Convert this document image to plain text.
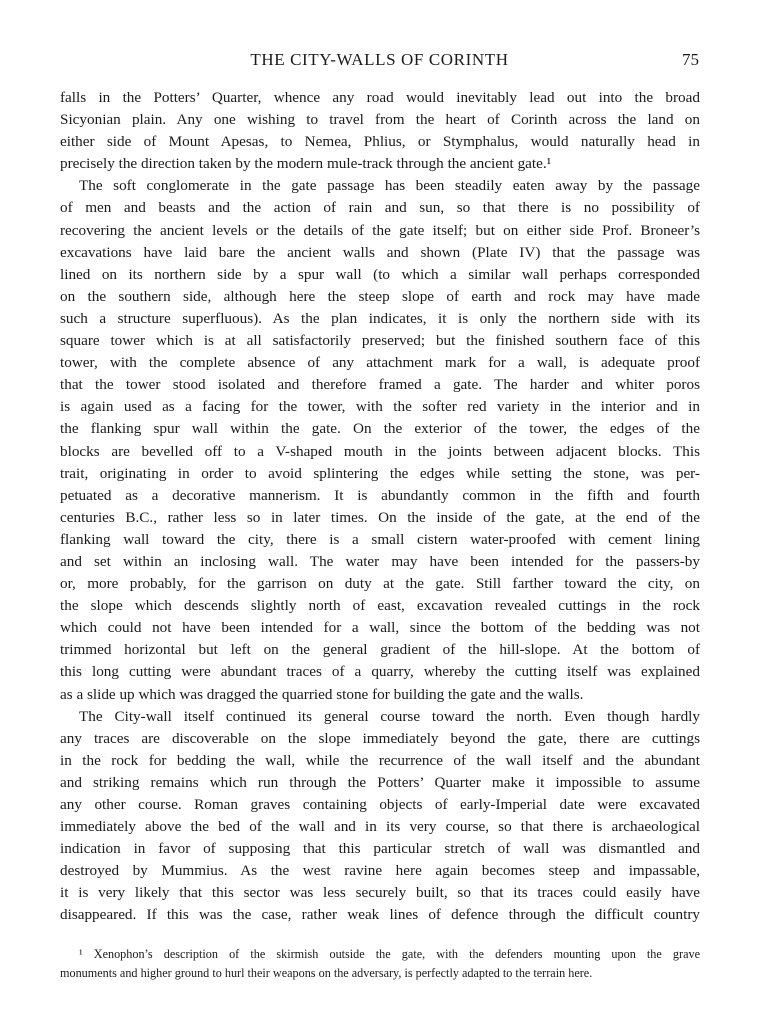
THE CITY-WALLS OF CORINTH	75
falls in the Potters’ Quarter, whence any road would inevitably lead out into the broad
Sicyonian plain. Any one wishing to travel from the heart of Corinth across the land on
either side of Mount Apesas, to Nemea, Phlius, or Stymphalus, would naturally head in
precisely the direction taken by the modern mule-track through the ancient gate.¹
The soft conglomerate in the gate passage has been steadily eaten away by the passage
of men and beasts and the action of rain and sun, so that there is no possibility of
recovering the ancient levels or the details of the gate itself; but on either side Prof. Broneer’s
excavations have laid bare the ancient walls and shown (Plate IV) that the passage was
lined on its northern side by a spur wall (to which a similar wall perhaps corresponded
on the southern side, although here the steep slope of earth and rock may have made
such a structure superfluous). As the plan indicates, it is only the northern side with its
square tower which is at all satisfactorily preserved; but the finished southern face of this
tower, with the complete absence of any attachment mark for a wall, is adequate proof
that the tower stood isolated and therefore framed a gate. The harder and whiter poros
is again used as a facing for the tower, with the softer red variety in the interior and in
the flanking spur wall within the gate. On the exterior of the tower, the edges of the
blocks are bevelled off to a V-shaped mouth in the joints between adjacent blocks. This
trait, originating in order to avoid splintering the edges while setting the stone, was per-
petuated as a decorative mannerism. It is abundantly common in the fifth and fourth
centuries B.C., rather less so in later times. On the inside of the gate, at the end of the
flanking wall toward the city, there is a small cistern water-proofed with cement lining
and set within an inclosing wall. The water may have been intended for the passers-by
or, more probably, for the garrison on duty at the gate. Still farther toward the city, on
the slope which descends slightly north of east, excavation revealed cuttings in the rock
which could not have been intended for a wall, since the bottom of the bedding was not
trimmed horizontal but left on the general gradient of the hill-slope. At the bottom of
this long cutting were abundant traces of a quarry, whereby the cutting itself was explained
as a slide up which was dragged the quarried stone for building the gate and the walls.
The City-wall itself continued its general course toward the north. Even though hardly
any traces are discoverable on the slope immediately beyond the gate, there are cuttings
in the rock for bedding the wall, while the recurrence of the wall itself and the abundant
and striking remains which run through the Potters’ Quarter make it impossible to assume
any other course. Roman graves containing objects of early-Imperial date were excavated
immediately above the bed of the wall and in its very course, so that there is archaeological
indication in favor of supposing that this particular stretch of wall was dismantled and
destroyed by Mummius. As the west ravine here again becomes steep and impassable,
it is very likely that this sector was less securely built, so that its traces could easily have
disappeared. If this was the case, rather weak lines of defence through the difficult country
¹ Xenophon’s description of the skirmish outside the gate, with the defenders mounting upon the grave
monuments and higher ground to hurl their weapons on the adversary, is perfectly adapted to the terrain here.
